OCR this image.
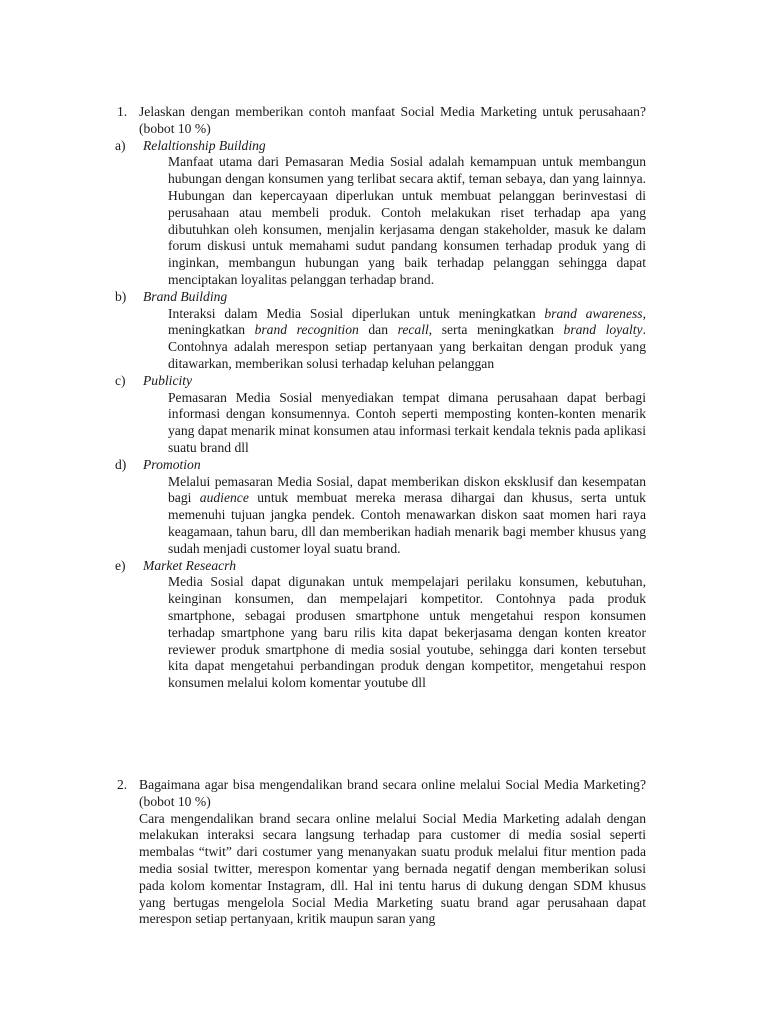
1. Jelaskan dengan memberikan contoh manfaat Social Media Marketing untuk perusahaan? (bobot 10 %)
a) Relaltionship Building
Manfaat utama dari Pemasaran Media Sosial adalah kemampuan untuk membangun hubungan dengan konsumen yang terlibat secara aktif, teman sebaya, dan yang lainnya. Hubungan dan kepercayaan diperlukan untuk membuat pelanggan berinvestasi di perusahaan atau membeli produk. Contoh melakukan riset terhadap apa yang dibutuhkan oleh konsumen, menjalin kerjasama dengan stakeholder, masuk ke dalam forum diskusi untuk memahami sudut pandang konsumen terhadap produk yang di inginkan, membangun hubungan yang baik terhadap pelanggan sehingga dapat menciptakan loyalitas pelanggan terhadap brand.
b) Brand Building
Interaksi dalam Media Sosial diperlukan untuk meningkatkan brand awareness, meningkatkan brand recognition dan recall, serta meningkatkan brand loyalty. Contohnya adalah merespon setiap pertanyaan yang berkaitan dengan produk yang ditawarkan, memberikan solusi terhadap keluhan pelanggan
c) Publicity
Pemasaran Media Sosial menyediakan tempat dimana perusahaan dapat berbagi informasi dengan konsumennya. Contoh seperti memposting konten-konten menarik yang dapat menarik minat konsumen atau informasi terkait kendala teknis pada aplikasi suatu brand dll
d) Promotion
Melalui pemasaran Media Sosial, dapat memberikan diskon eksklusif dan kesempatan bagi audience untuk membuat mereka merasa dihargai dan khusus, serta untuk memenuhi tujuan jangka pendek. Contoh menawarkan diskon saat momen hari raya keagamaan, tahun baru, dll dan memberikan hadiah menarik bagi member khusus yang sudah menjadi customer loyal suatu brand.
e) Market Reseacrh
Media Sosial dapat digunakan untuk mempelajari perilaku konsumen, kebutuhan, keinginan konsumen, dan mempelajari kompetitor. Contohnya pada produk smartphone, sebagai produsen smartphone untuk mengetahui respon konsumen terhadap smartphone yang baru rilis kita dapat bekerjasama dengan konten kreator reviewer produk smartphone di media sosial youtube, sehingga dari konten tersebut kita dapat mengetahui perbandingan produk dengan kompetitor, mengetahui respon konsumen melalui kolom komentar youtube dll
2. Bagaimana agar bisa mengendalikan brand secara online melalui Social Media Marketing? (bobot 10 %)
Cara mengendalikan brand secara online melalui Social Media Marketing adalah dengan melakukan interaksi secara langsung terhadap para customer di media sosial seperti membalas “twit” dari costumer yang menanyakan suatu produk melalui fitur mention pada media sosial twitter, merespon komentar yang bernada negatif dengan memberikan solusi pada kolom komentar Instagram, dll. Hal ini tentu harus di dukung dengan SDM khusus yang bertugas mengelola Social Media Marketing suatu brand agar perusahaan dapat merespon setiap pertanyaan, kritik maupun saran yang
